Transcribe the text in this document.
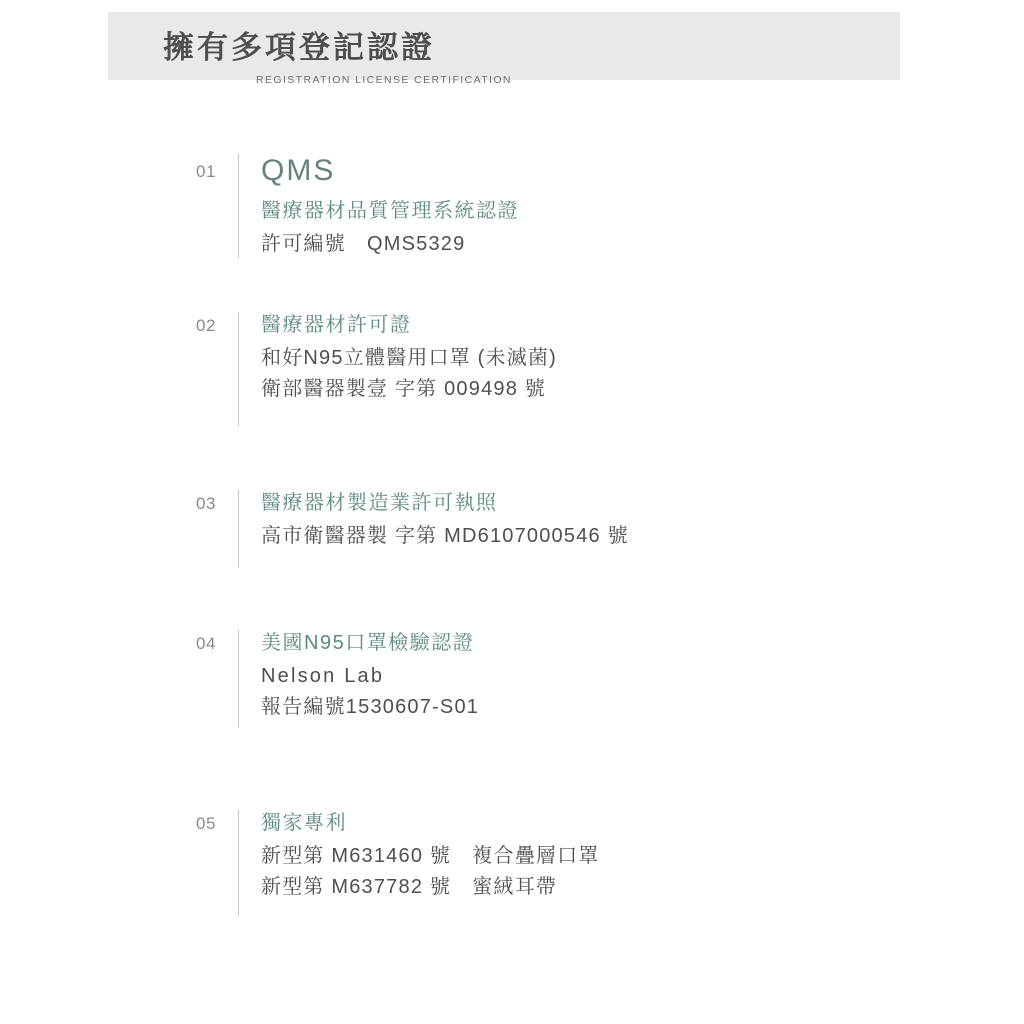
擁有多項登記認證
REGISTRATION LICENSE CERTIFICATION
01	QMS
醫療器材品質管理系統認證
許可編號　QMS5329
02	醫療器材許可證
和好N95立體醫用口罩 (未滅菌)
衛部醫器製壹 字第 009498 號
03	醫療器材製造業許可執照
高市衛醫器製 字第 MD6107000546 號
04	美國N95口罩檢驗認證
Nelson Lab
報告編號1530607-S01
05	獨家專利
新型第 M631460 號　複合疊層口罩
新型第 M637782 號　蜜絨耳帶
